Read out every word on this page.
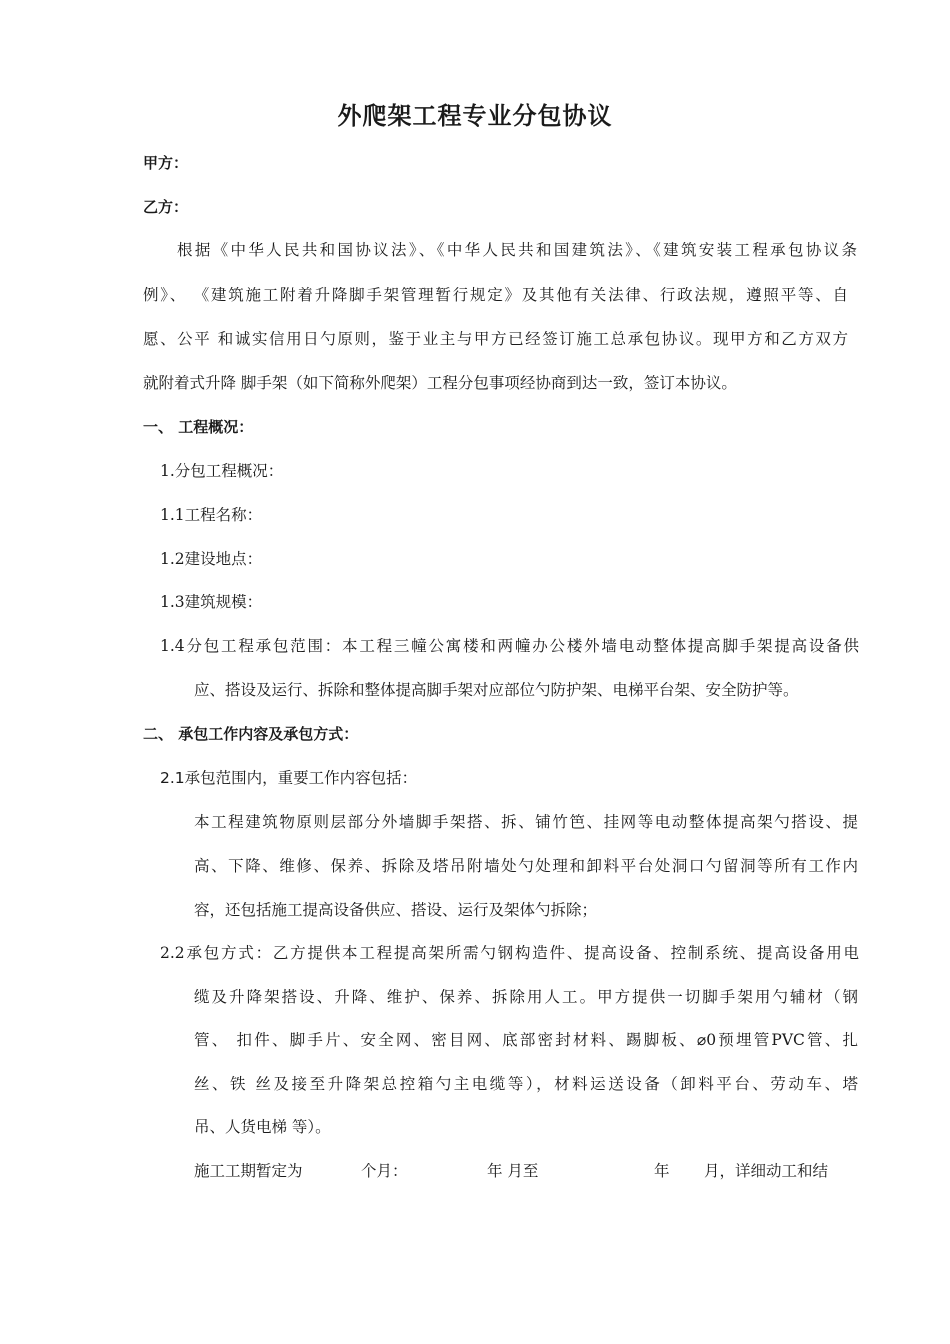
外爬架工程专业分包协议
甲方：
乙方：
根据《中华人民共和国协议法》、《中华人民共和国建筑法》、《建筑安装工程承包协议条
例》、 《建筑施工附着升降脚手架管理暂行规定》及其他有关法律、行政法规，遵照平等、自
愿、公平 和诚实信用日勺原则，鉴于业主与甲方已经签订施工总承包协议。现甲方和乙方双方
就附着式升降 脚手架（如下简称外爬架）工程分包事项经协商到达一致，签订本协议。
一、 工程概况：
1.分包工程概况：
1.1工程名称：
1.2建设地点：
1.3建筑规模：
1.4分包工程承包范围：本工程三幢公寓楼和两幢办公楼外墙电动整体提高脚手架提高设备供
应、搭设及运行、拆除和整体提高脚手架对应部位勺防护架、电梯平台架、安全防护等。
二、 承包工作内容及承包方式：
2.1承包范围内，重要工作内容包括：
本工程建筑物原则层部分外墙脚手架搭、拆、铺竹笆、挂网等电动整体提高架勺搭设、提
高、下降、维修、保养、拆除及塔吊附墙处勺处理和卸料平台处洞口勺留洞等所有工作内
容，还包括施工提高设备供应、搭设、运行及架体勺拆除；
2.2承包方式：乙方提供本工程提高架所需勺钢构造件、提高设备、控制系统、提高设备用电
缆及升降架搭设、升降、维护、保养、拆除用人工。甲方提供一切脚手架用勺辅材（钢
管、 扣件、脚手片、安全网、密目网、底部密封材料、踢脚板、⌀0预埋管PVC管、扎
丝、铁 丝及接至升降架总控箱勺主电缆等），材料运送设备（卸料平台、劳动车、塔
吊、人货电梯 等）。
施工工期暂定为	个月：	年 月至	年 月，详细动工和结
